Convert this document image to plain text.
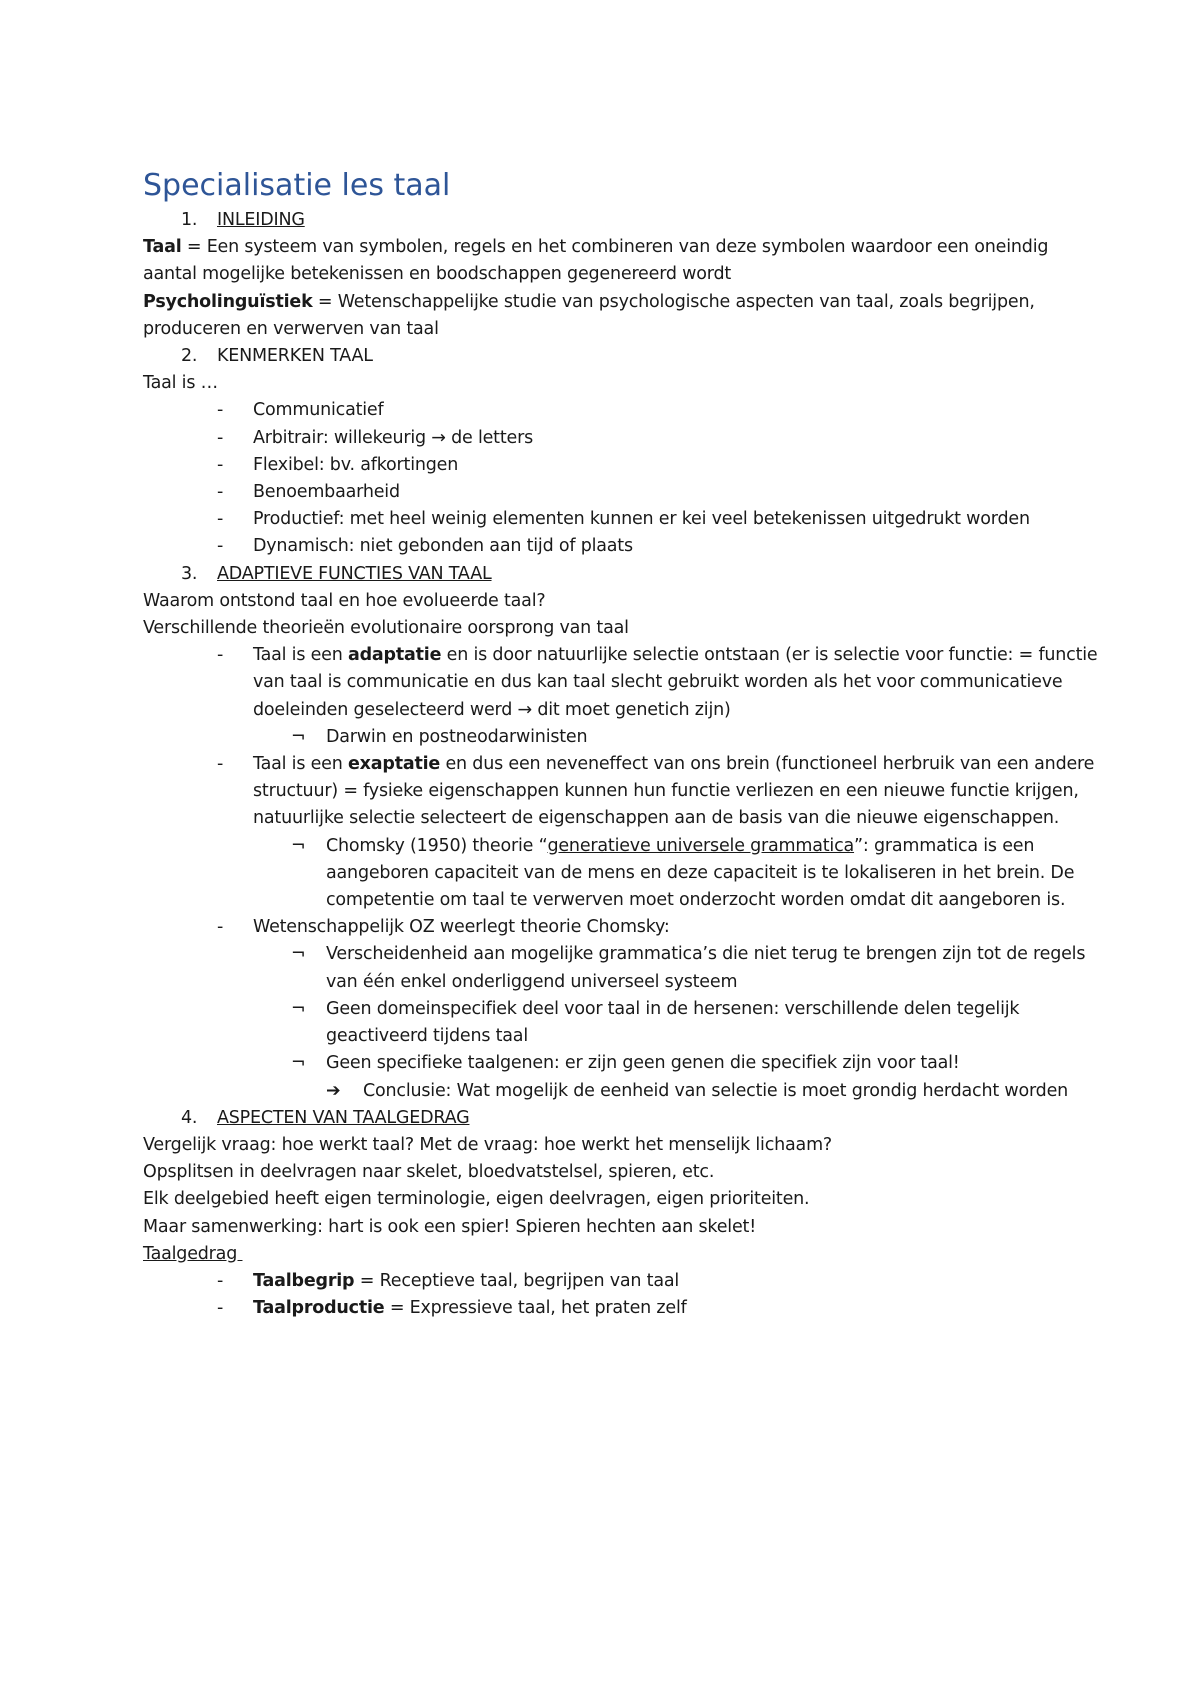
Specialisatie les taal
1. INLEIDING
Taal = Een systeem van symbolen, regels en het combineren van deze symbolen waardoor een oneindig aantal mogelijke betekenissen en boodschappen gegenereerd wordt
Psycholinguïstiek = Wetenschappelijke studie van psychologische aspecten van taal, zoals begrijpen, produceren en verwerven van taal
2. KENMERKEN TAAL
Taal is …
- Communicatief
- Arbitrair: willekeurig → de letters
- Flexibel: bv. afkortingen
- Benoembaarheid
- Productief: met heel weinig elementen kunnen er kei veel betekenissen uitgedrukt worden
- Dynamisch: niet gebonden aan tijd of plaats
3. ADAPTIEVE FUNCTIES VAN TAAL
Waarom ontstond taal en hoe evolueerde taal?
Verschillende theorieën evolutionaire oorsprong van taal
- Taal is een adaptatie en is door natuurlijke selectie ontstaan (er is selectie voor functie: = functie van taal is communicatie en dus kan taal slecht gebruikt worden als het voor communicatieve doeleinden geselecteerd werd → dit moet genetich zijn)
¬ Darwin en postneodarwinisten
- Taal is een exaptatie en dus een neveneffect van ons brein (functioneel herbruik van een andere structuur) = fysieke eigenschappen kunnen hun functie verliezen en een nieuwe functie krijgen, natuurlijke selectie selecteert de eigenschappen aan de basis van die nieuwe eigenschappen.
¬ Chomsky (1950) theorie “generatieve universele grammatica”: grammatica is een aangeboren capaciteit van de mens en deze capaciteit is te lokaliseren in het brein. De competentie om taal te verwerven moet onderzocht worden omdat dit aangeboren is.
- Wetenschappelijk OZ weerlegt theorie Chomsky:
¬ Verscheidenheid aan mogelijke grammatica’s die niet terug te brengen zijn tot de regels van één enkel onderliggend universeel systeem
¬ Geen domeinspecifiek deel voor taal in de hersenen: verschillende delen tegelijk geactiveerd tijdens taal
¬ Geen specifieke taalgenen: er zijn geen genen die specifiek zijn voor taal!
➔ Conclusie: Wat mogelijk de eenheid van selectie is moet grondig herdacht worden
4. ASPECTEN VAN TAALGEDRAG
Vergelijk vraag: hoe werkt taal? Met de vraag: hoe werkt het menselijk lichaam?
Opsplitsen in deelvragen naar skelet, bloedvatstelsel, spieren, etc.
Elk deelgebied heeft eigen terminologie, eigen deelvragen, eigen prioriteiten.
Maar samenwerking: hart is ook een spier! Spieren hechten aan skelet!
Taalgedrag
- Taalbegrip = Receptieve taal, begrijpen van taal
- Taalproductie = Expressieve taal, het praten zelf
